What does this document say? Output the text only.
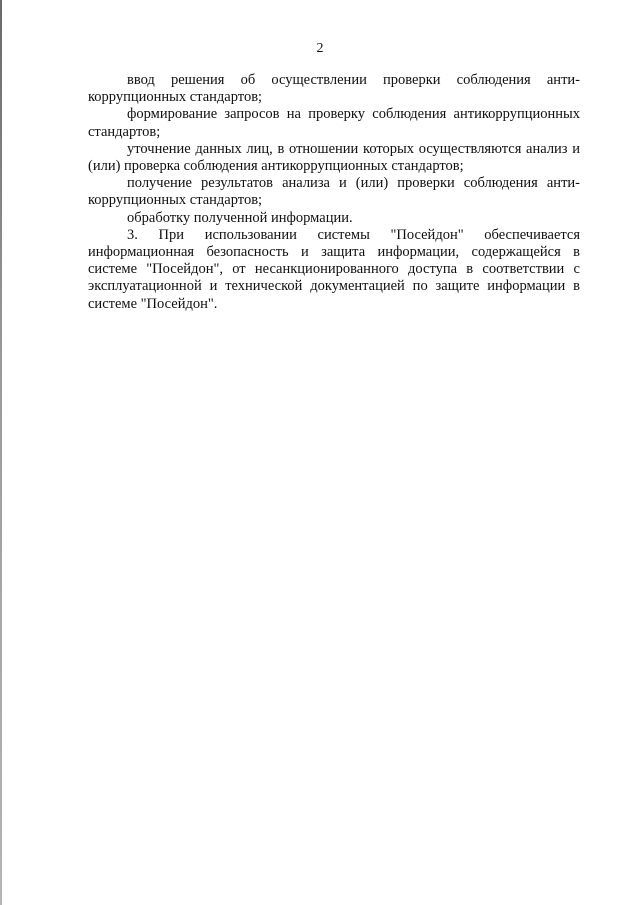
2

ввод решения об осуществлении проверки соблюдения анти-коррупционных стандартов;

формирование запросов на проверку соблюдения антикоррупционных стандартов;

уточнение данных лиц, в отношении которых осуществляются анализ и (или) проверка соблюдения антикоррупционных стандартов;

получение результатов анализа и (или) проверки соблюдения анти-коррупционных стандартов;

обработку полученной информации.

3. При использовании системы "Посейдон" обеспечивается информационная безопасность и защита информации, содержащейся в системе "Посейдон", от несанкционированного доступа в соответствии с эксплуатационной и технической документацией по защите информации в системе "Посейдон".
